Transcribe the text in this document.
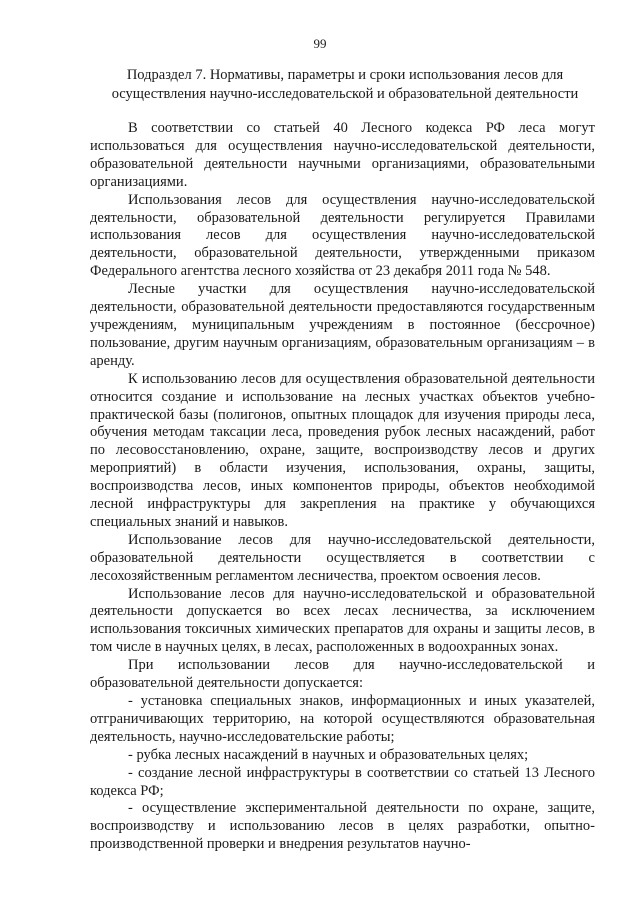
99
Подраздел 7. Нормативы, параметры и сроки использования лесов для осуществления научно-исследовательской и образовательной деятельности

В соответствии со статьей 40 Лесного кодекса РФ леса могут использоваться для осуществления научно-исследовательской деятельности, образовательной деятельности научными организациями, образовательными организациями.

Использования лесов для осуществления научно-исследовательской деятельности, образовательной деятельности регулируется Правилами использования лесов для осуществления научно-исследовательской деятельности, образовательной деятельности, утвержденными приказом Федерального агентства лесного хозяйства от 23 декабря 2011 года № 548.

Лесные участки для осуществления научно-исследовательской деятельности, образовательной деятельности предоставляются государственным учреждениям, муниципальным учреждениям в постоянное (бессрочное) пользование, другим научным организациям, образовательным организациям – в аренду.

К использованию лесов для осуществления образовательной деятельности относится создание и использование на лесных участках объектов учебно-практической базы (полигонов, опытных площадок для изучения природы леса, обучения методам таксации леса, проведения рубок лесных насаждений, работ по лесовосстановлению, охране, защите, воспроизводству лесов и других мероприятий) в области изучения, использования, охраны, защиты, воспроизводства лесов, иных компонентов природы, объектов необходимой лесной инфраструктуры для закрепления на практике у обучающихся специальных знаний и навыков.

Использование лесов для научно-исследовательской деятельности, образовательной деятельности осуществляется в соответствии с лесохозяйственным регламентом лесничества, проектом освоения лесов.

Использование лесов для научно-исследовательской и образовательной деятельности допускается во всех лесах лесничества, за исключением использования токсичных химических препаратов для охраны и защиты лесов, в том числе в научных целях, в лесах, расположенных в водоохранных зонах.

При использовании лесов для научно-исследовательской и образовательной деятельности допускается:

- установка специальных знаков, информационных и иных указателей, отграничивающих территорию, на которой осуществляются образовательная деятельность, научно-исследовательские работы;

- рубка лесных насаждений в научных и образовательных целях;

- создание лесной инфраструктуры в соответствии со статьей 13 Лесного кодекса РФ;

- осуществление экспериментальной деятельности по охране, защите, воспроизводству и использованию лесов в целях разработки, опытно-производственной проверки и внедрения результатов научно-
